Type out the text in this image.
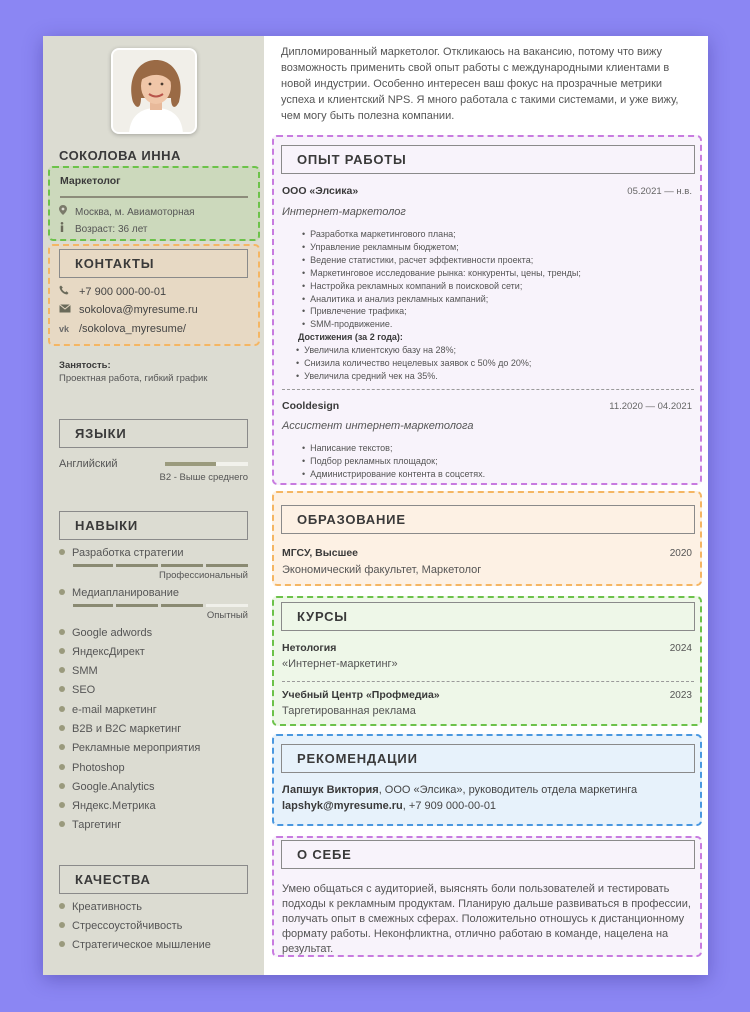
СОКОЛОВА ИННА
Маркетолог
Москва, м. Авиамоторная
Возраст: 36 лет
КОНТАКТЫ
+7 900 000-00-01
sokolova@myresume.ru
vk /sokolova_myresume/
Занятость:
Проектная работа, гибкий график
ЯЗЫКИ
Английский
B2 - Выше среднего
НАВЫКИ
Разработка стратегии
Профессиональный
Медиапланирование
Опытный
Google adwords
ЯндексДирект
SMM
SEO
e-mail маркетинг
B2B и B2C маркетинг
Рекламные мероприятия
Photoshop
Google.Analytics
Яндекс.Метрика
Таргетинг
КАЧЕСТВА
Креативность
Стрессоустойчивость
Стратегическое мышление
Дипломированный маркетолог. Откликаюсь на вакансию, потому что вижу возможность применить свой опыт работы с международными клиентами в новой индустрии. Особенно интересен ваш фокус на прозрачные метрики успеха и клиентский NPS. Я много работала с такими системами, и уже вижу, чем могу быть полезна компании.
ОПЫТ РАБОТЫ
ООО «Элсика»	05.2021 — н.в.
Интернет-маркетолог
• Разработка маркетингового плана;
• Управление рекламным бюджетом;
• Ведение статистики, расчет эффективности проекта;
• Маркетинговое исследование рынка: конкуренты, цены, тренды;
• Настройка рекламных компаний в поисковой сети;
• Аналитика и анализ рекламных кампаний;
• Привлечение трафика;
• SMM-продвижение.
Достижения (за 2 года):
• Увеличила клиентскую базу на 28%;
• Снизила количество нецелевых заявок с 50% до 20%;
• Увеличила средний чек на 35%.
Cooldesign	11.2020 — 04.2021
Ассистент интернет-маркетолога
• Написание текстов;
• Подбор рекламных площадок;
• Администрирование контента в соцсетях.
ОБРАЗОВАНИЕ
МГСУ, Высшее	2020
Экономический факультет, Маркетолог
КУРСЫ
Нетология	2024
«Интернет-маркетинг»
Учебный Центр «Профмедиа»	2023
Таргетированная реклама
РЕКОМЕНДАЦИИ
Лапшук Виктория, ООО «Элсика», руководитель отдела маркетинга
lapshyk@myresume.ru, +7 909 000-00-01
О СЕБЕ
Умею общаться с аудиторией, выяснять боли пользователей и тестировать подходы к рекламным продуктам. Планирую дальше развиваться в профессии, получать опыт в смежных сферах. Положительно отношусь к дистанционному формату работы. Неконфликтна, отлично работаю в команде, нацелена на результат.
